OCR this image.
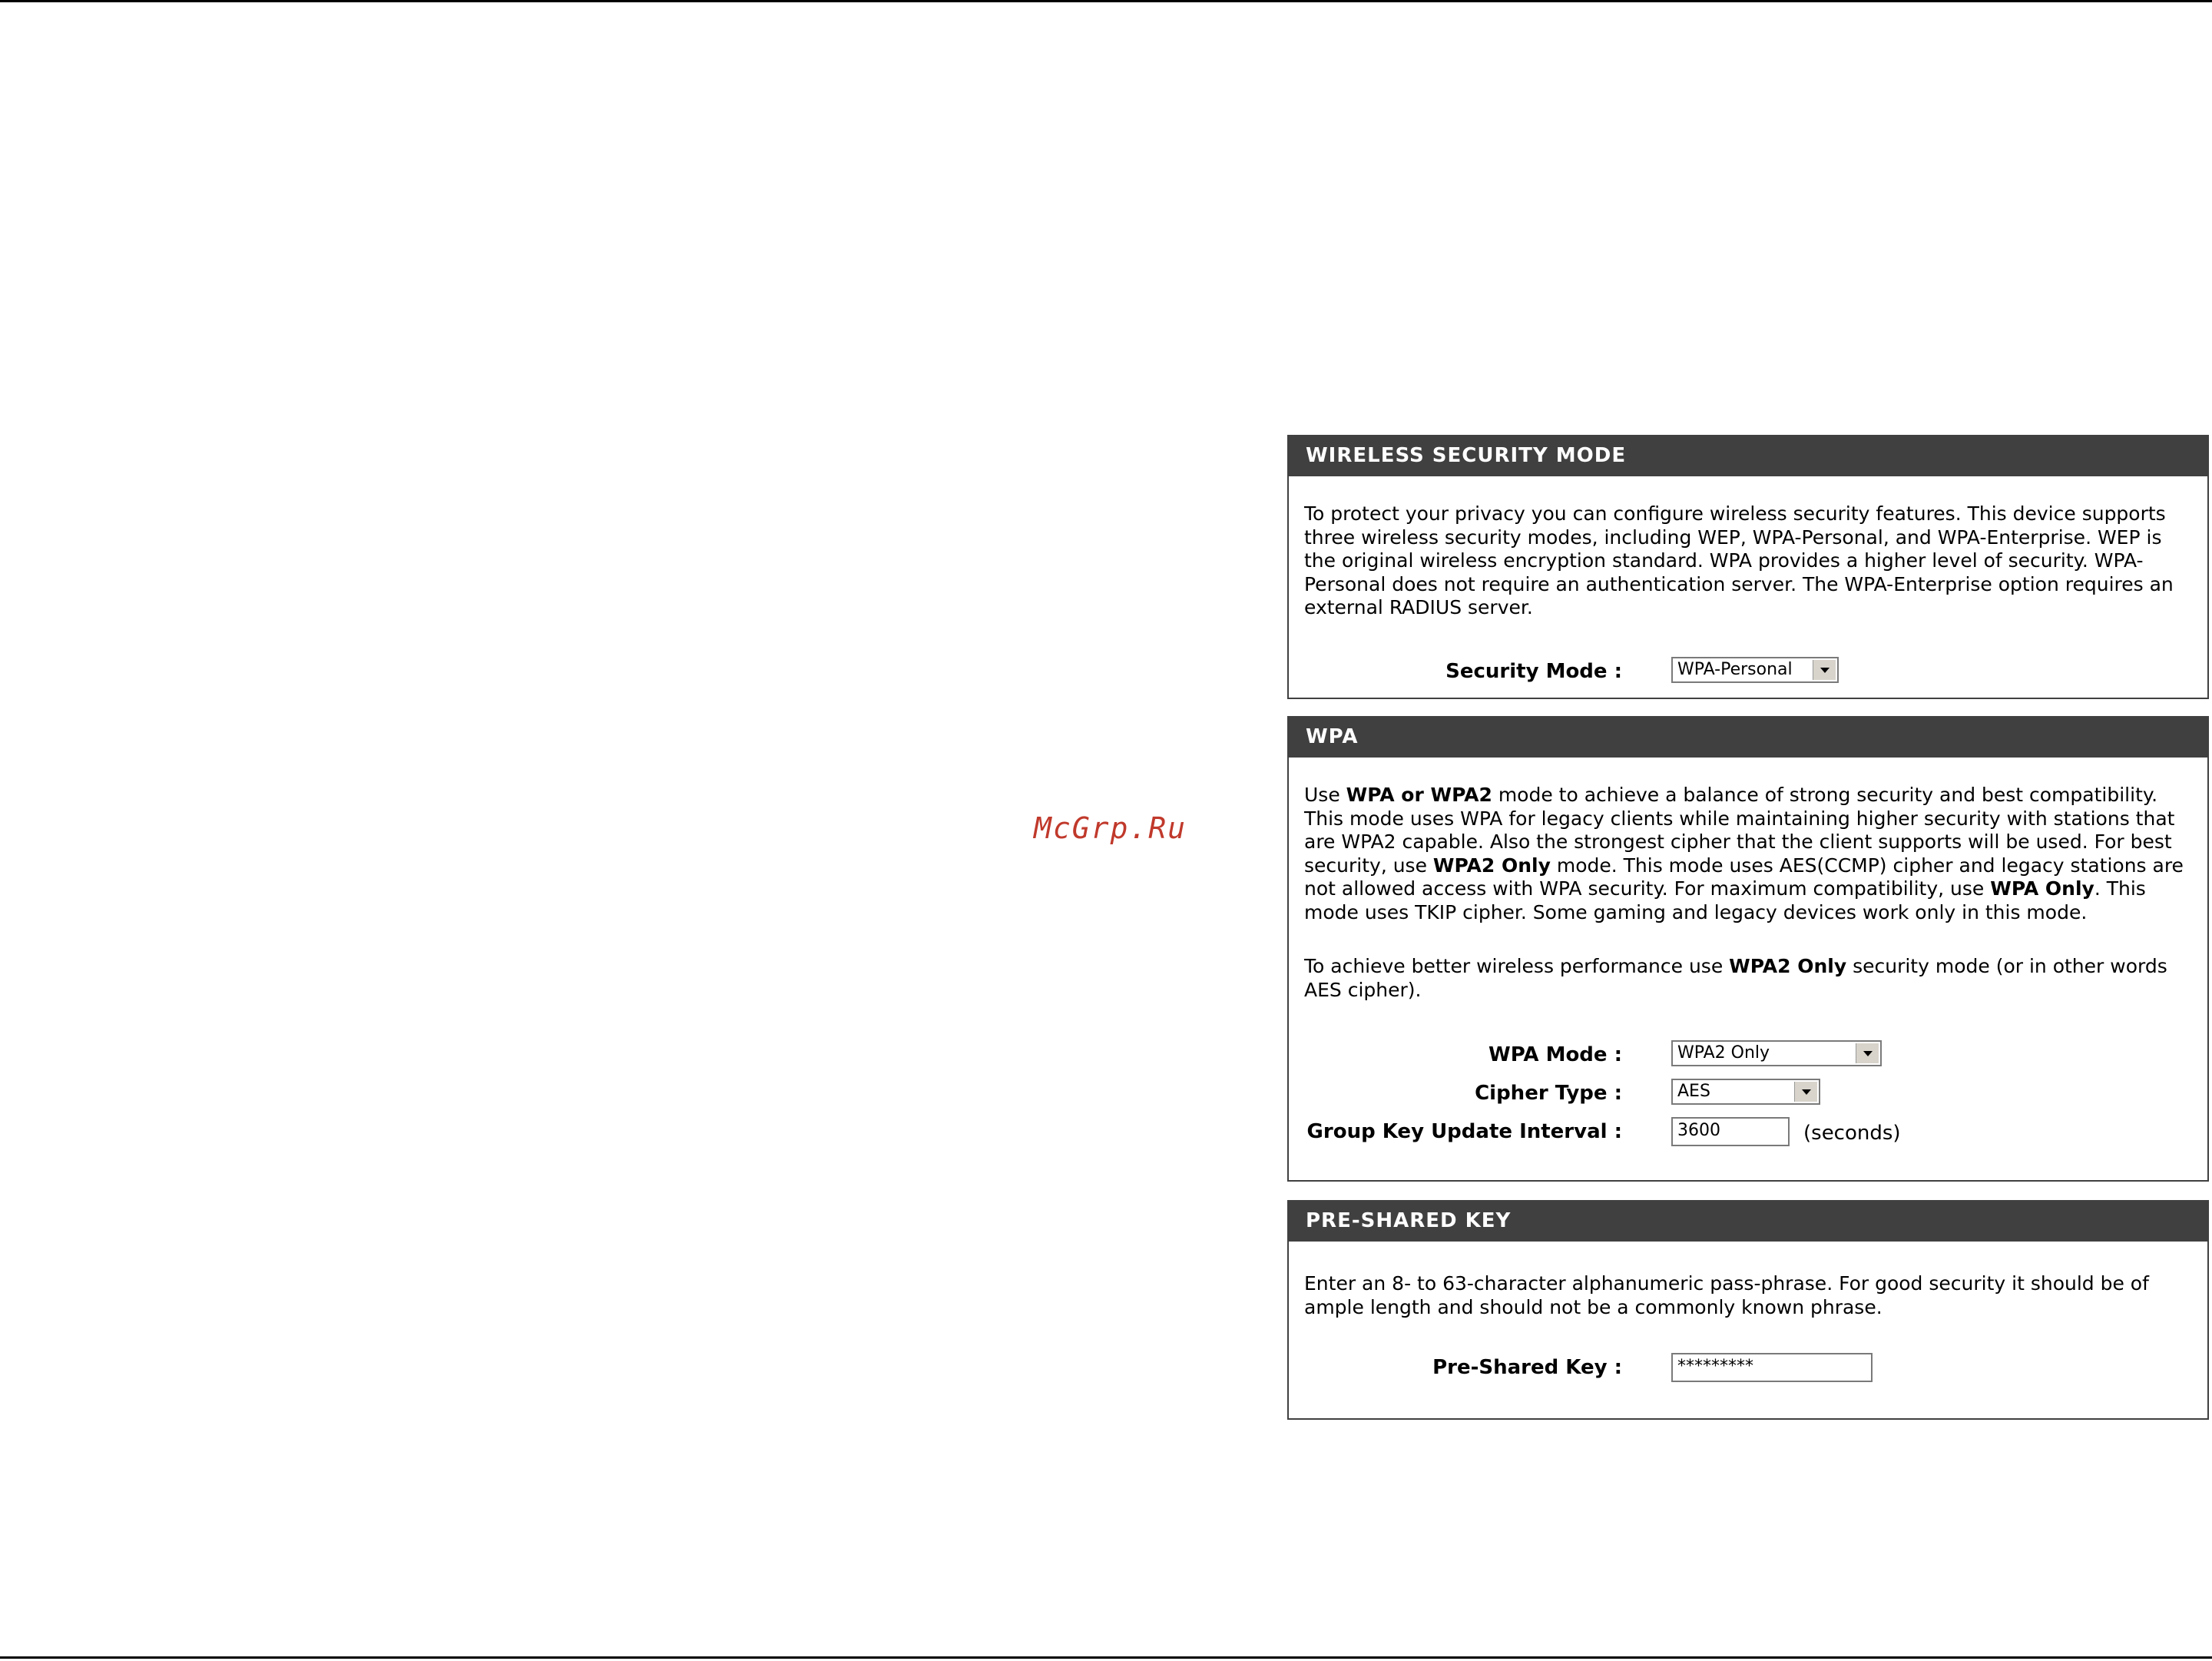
McGrp.Ru
WIRELESS SECURITY MODE

To protect your privacy you can configure wireless security features. This device supports three wireless security modes, including WEP, WPA-Personal, and WPA-Enterprise. WEP is the original wireless encryption standard. WPA provides a higher level of security. WPA-Personal does not require an authentication server. The WPA-Enterprise option requires an external RADIUS server.

Security Mode :	WPA-Personal
WPA

Use WPA or WPA2 mode to achieve a balance of strong security and best compatibility. This mode uses WPA for legacy clients while maintaining higher security with stations that are WPA2 capable. Also the strongest cipher that the client supports will be used. For best security, use WPA2 Only mode. This mode uses AES(CCMP) cipher and legacy stations are not allowed access with WPA security. For maximum compatibility, use WPA Only. This mode uses TKIP cipher. Some gaming and legacy devices work only in this mode.

To achieve better wireless performance use WPA2 Only security mode (or in other words AES cipher).

WPA Mode :	WPA2 Only
Cipher Type :	AES
Group Key Update Interval :	3600	(seconds)
PRE-SHARED KEY

Enter an 8- to 63-character alphanumeric pass-phrase. For good security it should be of ample length and should not be a commonly known phrase.

Pre-Shared Key :	*********
